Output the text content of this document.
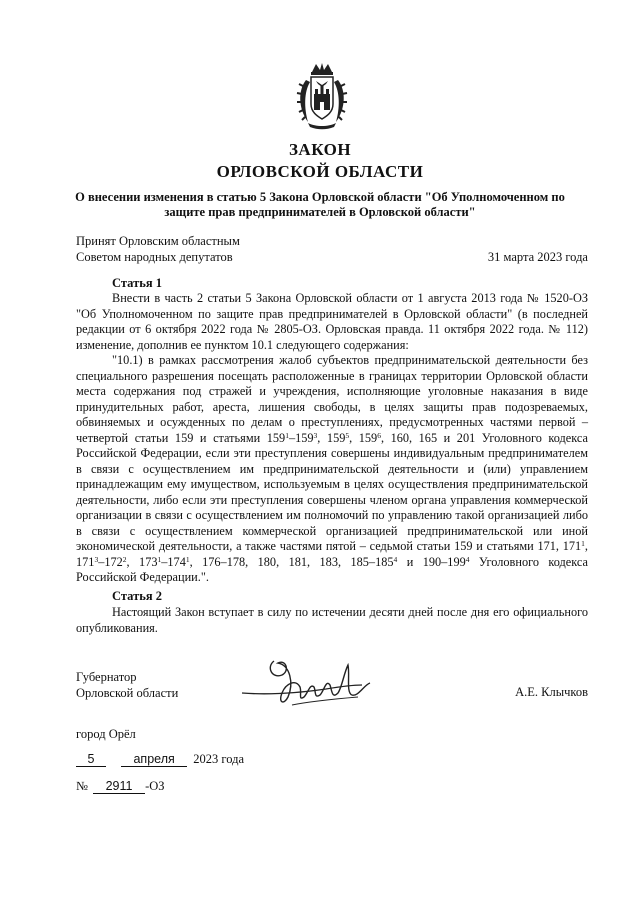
ЗАКОН
ОРЛОВСКОЙ ОБЛАСТИ
О внесении изменения в статью 5 Закона Орловской области "Об Уполномоченном по защите прав предпринимателей в Орловской области"
Принят Орловским областным
Советом народных депутатов	31 марта 2023 года
Статья 1

Внести в часть 2 статьи 5 Закона Орловской области от 1 августа 2013 года № 1520-ОЗ "Об Уполномоченном по защите прав предпринимателей в Орловской области" (в последней редакции от 6 октября 2022 года № 2805-ОЗ. Орловская правда. 11 октября 2022 года. № 112) изменение, дополнив ее пунктом 10.1 следующего содержания:

"10.1) в рамках рассмотрения жалоб субъектов предпринимательской деятельности без специального разрешения посещать расположенные в границах территории Орловской области места содержания под стражей и учреждения, исполняющие уголовные наказания в виде принудительных работ, ареста, лишения свободы, в целях защиты прав подозреваемых, обвиняемых и осужденных по делам о преступлениях, предусмотренных частями первой – четвертой статьи 159 и статьями $159^1-159^3$, $159^5$, $159^6$, 160, 165 и 201 Уголовного кодекса Российской Федерации, если эти преступления совершены индивидуальным предпринимателем в связи с осуществлением им предпринимательской деятельности и (или) управлением принадлежащим ему имуществом, используемым в целях осуществления предпринимательской деятельности, либо если эти преступления совершены членом органа управления коммерческой организации в связи с осуществлением им полномочий по управлению такой организацией либо в связи с осуществлением коммерческой организацией предпринимательской или иной экономической деятельности, а также частями пятой – седьмой статьи 159 и статьями 171, $171^1$, $171^3-172^2$, $173^1-174^1$, 176–178, 180, 181, 183, $185-185^4$ и $190-199^4$ Уголовного кодекса Российской Федерации.".

Статья 2

Настоящий Закон вступает в силу по истечении десяти дней после дня его официального опубликования.

Губернатор
Орловской области	А.Е. Клычков
город Орёл
5	апреля 2023 года
№ 2911 -ОЗ
